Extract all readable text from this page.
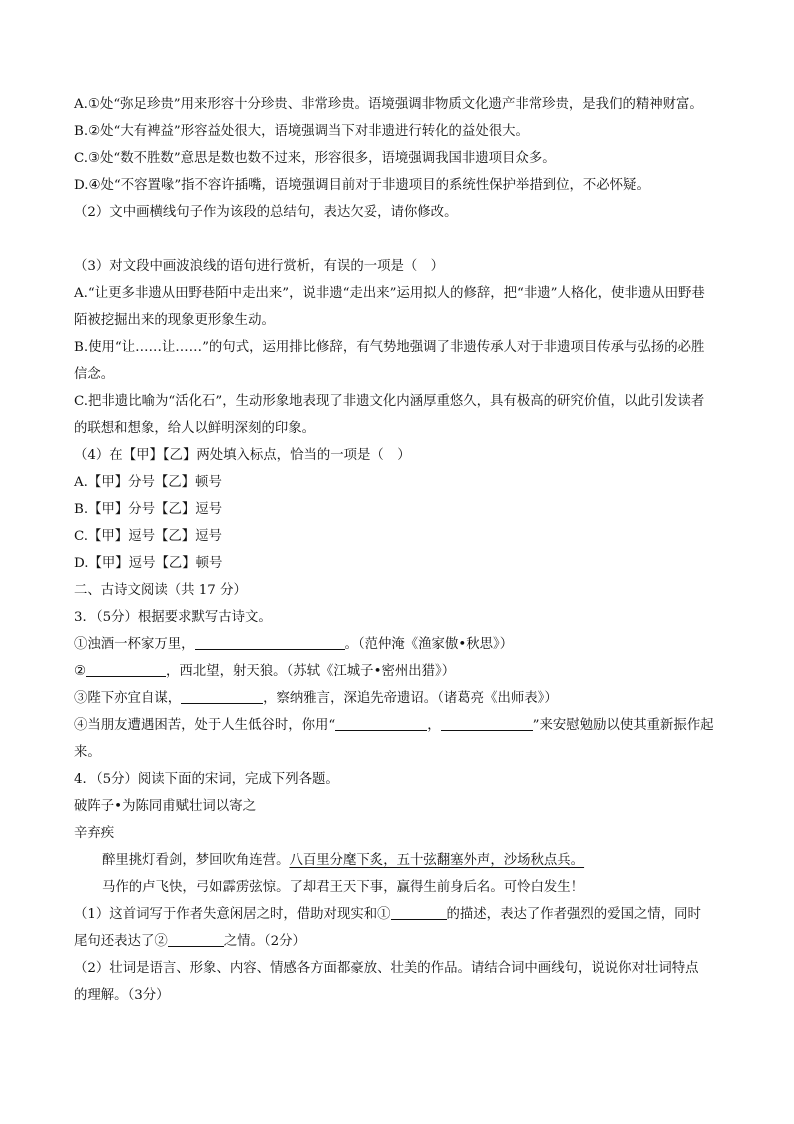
A.①处“弥足珍贵”用来形容十分珍贵、非常珍贵。语境强调非物质文化遗产非常珍贵，是我们的精神财富。
B.②处“大有裨益”形容益处很大，语境强调当下对非遗进行转化的益处很大。
C.③处“数不胜数”意思是数也数不过来，形容很多，语境强调我国非遗项目众多。
D.④处“不容置喙”指不容许插嘴，语境强调目前对于非遗项目的系统性保护举措到位，不必怀疑。
（2）文中画横线句子作为该段的总结句，表达欠妥，请你修改。
（3）对文段中画波浪线的语句进行赏析，有误的一项是（　）
A.“让更多非遗从田野巷陌中走出来”，说非遗“走出来”运用拟人的修辞，把“非遗”人格化，使非遗从田野巷
陌被挖掘出来的现象更形象生动。
B.使用“让……让……”的句式，运用排比修辞，有气势地强调了非遗传承人对于非遗项目传承与弘扬的必胜
信念。
C.把非遗比喻为“活化石”，生动形象地表现了非遗文化内涵厚重悠久，具有极高的研究价值，以此引发读者
的联想和想象，给人以鲜明深刻的印象。
（4）在【甲】【乙】两处填入标点，恰当的一项是（　）
A.【甲】分号【乙】顿号
B.【甲】分号【乙】逗号
C.【甲】逗号【乙】逗号
D.【甲】逗号【乙】顿号
二、古诗文阅读（共 17 分）
3．（5分）根据要求默写古诗文。
①浊酒一杯家万里，	。（范仲淹《渔家傲•秋思》）
②	，西北望，射天狼。（苏轼《江城子•密州出猎》）
③陛下亦宜自谋，	，察纳雅言，深追先帝遗诏。（诸葛亮《出师表》）
④当朋友遭遇困苦，处于人生低谷时，你用“	，	”来安慰勉励以使其重新振作起
来。
4．（5分）阅读下面的宋词，完成下列各题。
破阵子•为陈同甫赋壮词以寄之
辛弃疾
醉里挑灯看剑，梦回吹角连营。八百里分麾下炙，五十弦翻塞外声，沙场秋点兵。
马作的卢飞快，弓如霹雳弦惊。了却君王天下事，赢得生前身后名。可怜白发生！
（1）这首词写于作者失意闲居之时，借助对现实和①	的描述，表达了作者强烈的爱国之情，同时
尾句还表达了②	之情。（2分）
（2）壮词是语言、形象、内容、情感各方面都豪放、壮美的作品。请结合词中画线句，说说你对壮词特点
的理解。（3分）
